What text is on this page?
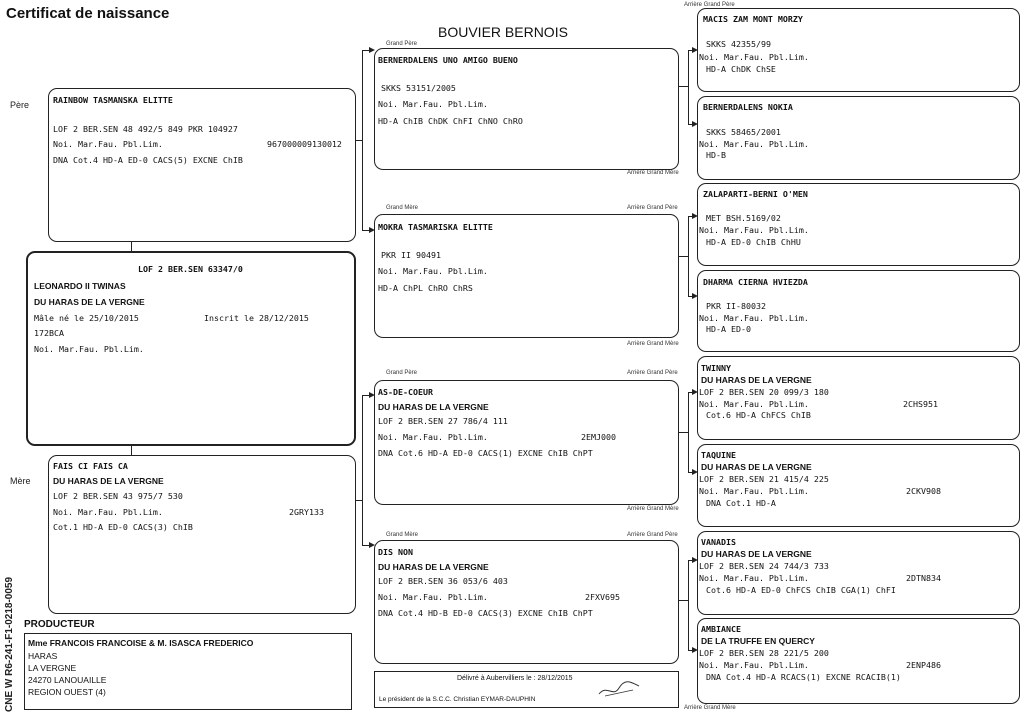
Certificat de naissance
BOUVIER BERNOIS
Père
Mère
RAINBOW TASMANSKA ELITTE
LOF 2 BER.SEN 48 492/5 849 PKR 104927
Noi. Mar.Fau. Pbl.Lim.	967000009130012
DNA Cot.4 HD-A ED-0 CACS(5) EXCNE ChIB
LOF 2 BER.SEN 63347/0
LEONARDO II TWINAS
DU HARAS DE LA VERGNE
Mâle né le 25/10/2015	Inscrit le 28/12/2015
172BCA
Noi. Mar.Fau. Pbl.Lim.
FAIS CI FAIS CA
DU HARAS DE LA VERGNE
LOF 2 BER.SEN 43 975/7 530
Noi. Mar.Fau. Pbl.Lim.	2GRY133
Cot.1 HD-A ED-0 CACS(3) ChIB
Grand Père
Arrière Grand Mère
Grand Mère	Arrière Grand Père
Arrière Grand Mère
Grand Père	Arrière Grand Père
Arrière Grand Mère
Grand Mère	Arrière Grand Père
Arrière Grand Père
Arrière Grand Mère
BERNERDALENS UNO AMIGO BUENO
SKKS 53151/2005
Noi. Mar.Fau. Pbl.Lim.
HD-A ChIB ChDK ChFI ChNO ChRO
MOKRA TASMARISKA ELITTE
PKR II 90491
Noi. Mar.Fau. Pbl.Lim.
HD-A ChPL ChRO ChRS
AS-DE-COEUR
DU HARAS DE LA VERGNE
LOF 2 BER.SEN 27 786/4 111
Noi. Mar.Fau. Pbl.Lim.	2EMJ000
DNA Cot.6 HD-A ED-0 CACS(1) EXCNE ChIB ChPT
DIS NON
DU HARAS DE LA VERGNE
LOF 2 BER.SEN 36 053/6 403
Noi. Mar.Fau. Pbl.Lim.	2FXV695
DNA Cot.4 HD-B ED-0 CACS(3) EXCNE ChIB ChPT
MACIS ZAM MONT MORZY
SKKS 42355/99
Noi. Mar.Fau. Pbl.Lim.
HD-A ChDK ChSE
BERNERDALENS NOKIA
SKKS 58465/2001
Noi. Mar.Fau. Pbl.Lim.
HD-B
ZALAPARTI-BERNI O'MEN
MET BSH.5169/02
Noi. Mar.Fau. Pbl.Lim.
HD-A ED-0 ChIB ChHU
DHARMA CIERNA HVIEZDA
PKR II-80032
Noi. Mar.Fau. Pbl.Lim.
HD-A ED-0
TWINNY
DU HARAS DE LA VERGNE
LOF 2 BER.SEN 20 099/3 180
Noi. Mar.Fau. Pbl.Lim.	2CHS951
Cot.6 HD-A ChFCS ChIB
TAQUINE
DU HARAS DE LA VERGNE
LOF 2 BER.SEN 21 415/4 225
Noi. Mar.Fau. Pbl.Lim.	2CKV908
DNA Cot.1 HD-A
VANADIS
DU HARAS DE LA VERGNE
LOF 2 BER.SEN 24 744/3 733
Noi. Mar.Fau. Pbl.Lim.	2DTN834
Cot.6 HD-A ED-0 ChFCS ChIB CGA(1) ChFI
AMBIANCE
DE LA TRUFFE EN QUERCY
LOF 2 BER.SEN 28 221/5 200
Noi. Mar.Fau. Pbl.Lim.	2ENP486
DNA Cot.4 HD-A RCACS(1) EXCNE RCACIB(1)
PRODUCTEUR
Mme FRANCOIS FRANCOISE & M. ISASCA FREDERICO
HARAS
LA VERGNE
24270 LANOUAILLE
REGION OUEST (4)
CNE W R6-241-F1-0218-0059	Délivré à Aubervilliers le : 28/12/2015
Le président de la S.C.C. Christian EYMAR-DAUPHIN
